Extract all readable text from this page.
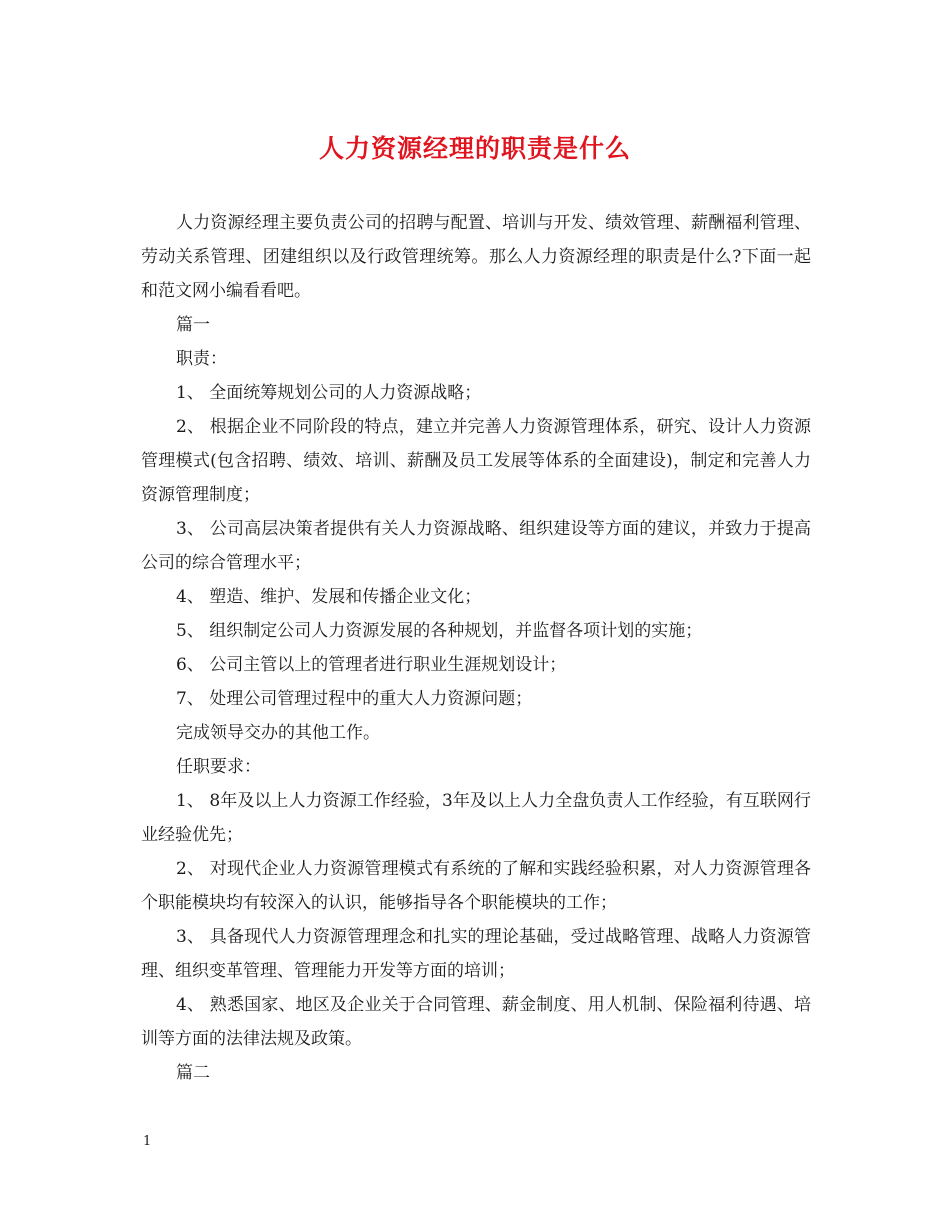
人力资源经理的职责是什么

人力资源经理主要负责公司的招聘与配置、培训与开发、绩效管理、薪酬福利管理、劳动关系管理、团建组织以及行政管理统筹。那么人力资源经理的职责是什么?下面一起和范文网小编看看吧。

篇一

职责：

1、 全面统筹规划公司的人力资源战略；

2、 根据企业不同阶段的特点，建立并完善人力资源管理体系，研究、设计人力资源管理模式(包含招聘、绩效、培训、薪酬及员工发展等体系的全面建设)，制定和完善人力资源管理制度；

3、 公司高层决策者提供有关人力资源战略、组织建设等方面的建议，并致力于提高公司的综合管理水平；

4、 塑造、维护、发展和传播企业文化；

5、 组织制定公司人力资源发展的各种规划，并监督各项计划的实施；

6、 公司主管以上的管理者进行职业生涯规划设计；

7、 处理公司管理过程中的重大人力资源问题；

完成领导交办的其他工作。

任职要求：

1、 8年及以上人力资源工作经验，3年及以上人力全盘负责人工作经验，有互联网行业经验优先；

2、 对现代企业人力资源管理模式有系统的了解和实践经验积累，对人力资源管理各个职能模块均有较深入的认识，能够指导各个职能模块的工作；

3、 具备现代人力资源管理理念和扎实的理论基础，受过战略管理、战略人力资源管理、组织变革管理、管理能力开发等方面的培训；

4、 熟悉国家、地区及企业关于合同管理、薪金制度、用人机制、保险福利待遇、培训等方面的法律法规及政策。

篇二

1
